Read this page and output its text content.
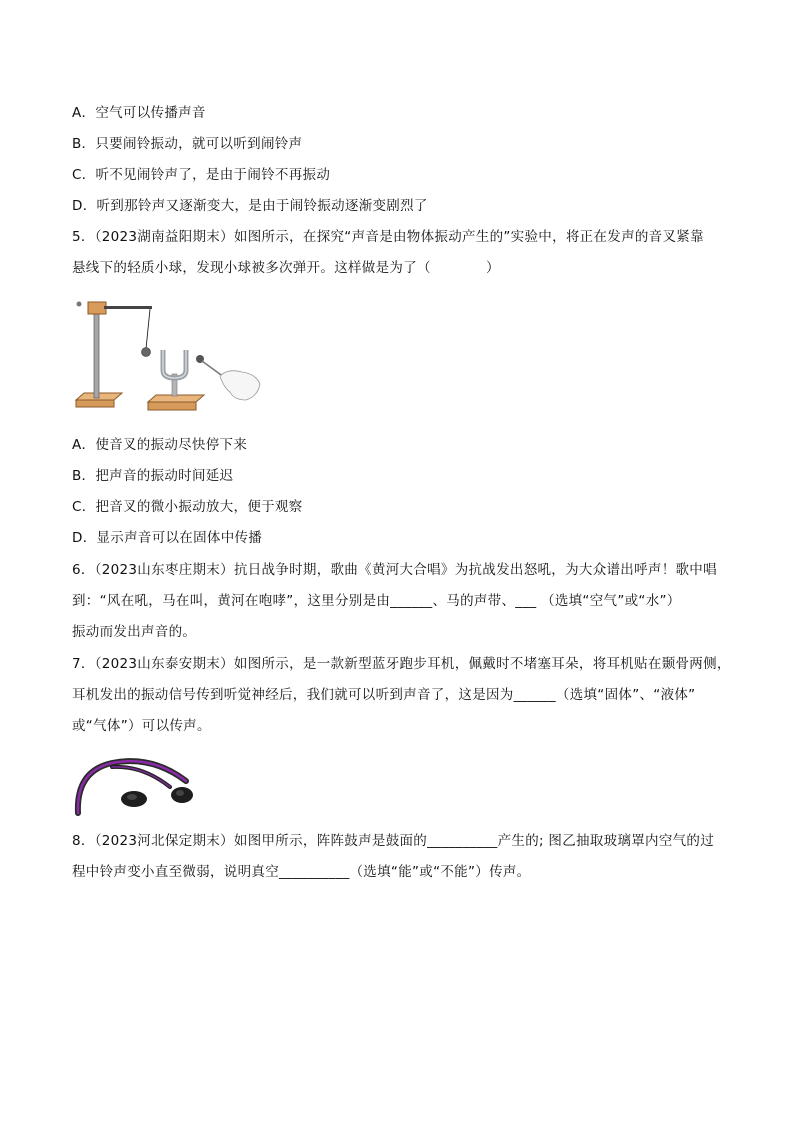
A．空气可以传播声音
B．只要闹铃振动，就可以听到闹铃声
C．听不见闹铃声了，是由于闹铃不再振动
D．听到那铃声又逐渐变大，是由于闹铃振动逐渐变剧烈了
5．（2023湖南益阳期末）如图所示，在探究“声音是由物体振动产生的”实验中，将正在发声的音叉紧靠
悬线下的轻质小球，发现小球被多次弹开。这样做是为了（　　　　）
A．使音叉的振动尽快停下来
B．把声音的振动时间延迟
C．把音叉的微小振动放大，便于观察
D．显示声音可以在固体中传播
6．（2023山东枣庄期末）抗日战争时期，歌曲《黄河大合唱》为抗战发出怒吼，为大众谱出呼声！歌中唱
到：“风在吼，马在叫，黄河在咆哮”，这里分别是由______、马的声带、___ （选填“空气”或“水”）
振动而发出声音的。
7．（2023山东泰安期末）如图所示，是一款新型蓝牙跑步耳机，佩戴时不堵塞耳朵，将耳机贴在颞骨两侧，
耳机发出的振动信号传到听觉神经后，我们就可以听到声音了，这是因为______（选填“固体”、“液体”
或“气体”）可以传声。
8．（2023河北保定期末）如图甲所示，阵阵鼓声是鼓面的__________产生的; 图乙抽取玻璃罩内空气的过
程中铃声变小直至微弱，说明真空__________（选填“能”或“不能”）传声。
